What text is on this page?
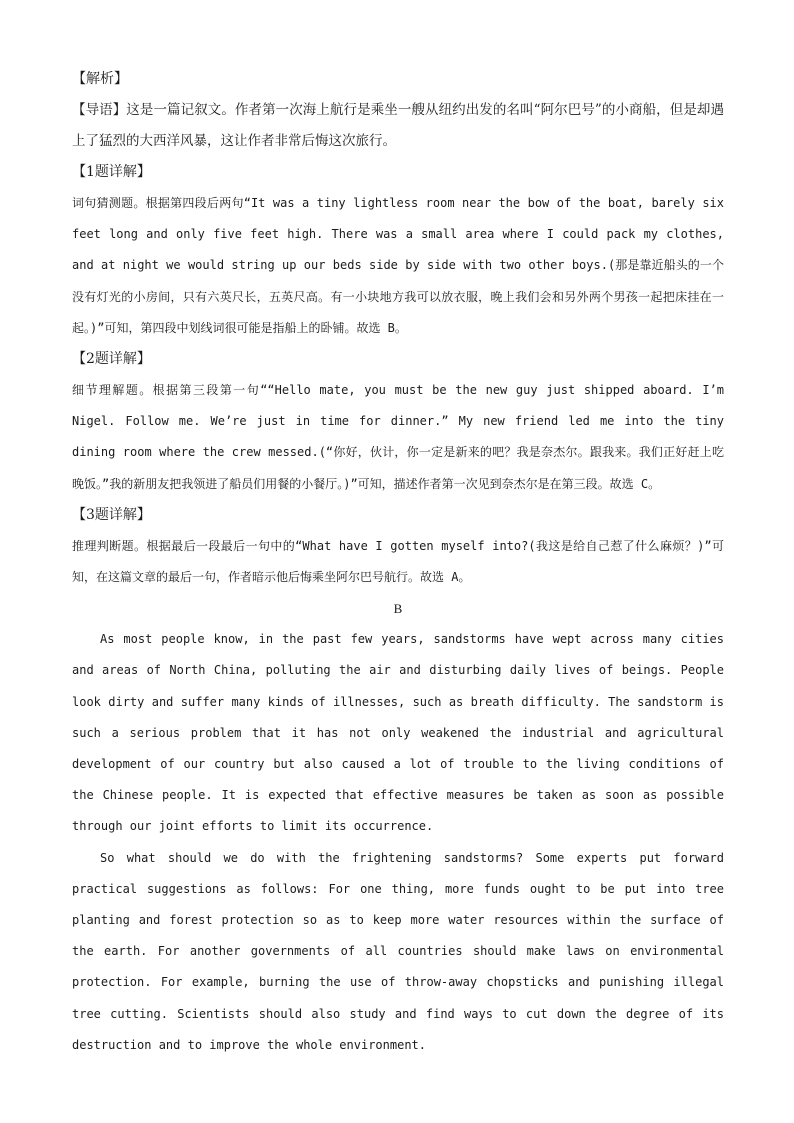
【解析】

【导语】这是一篇记叙文。作者第一次海上航行是乘坐一艘从纽约出发的名叫“阿尔巴号”的小商船，但是却遇上了猛烈的大西洋风暴，这让作者非常后悔这次旅行。

【1题详解】

词句猜测题。根据第四段后两句“It was a tiny lightless room near the bow of the boat, barely six feet long and only five feet high. There was a small area where I could pack my clothes, and at night we would string up our beds side by side with two other boys.(那是靠近船头的一个没有灯光的小房间，只有六英尺长，五英尺高。有一小块地方我可以放衣服，晚上我们会和另外两个男孩一起把床挂在一起。)”可知，第四段中划线词很可能是指船上的卧铺。故选 B。

【2题详解】

细节理解题。根据第三段第一句““Hello mate, you must be the new guy just shipped aboard. I’m Nigel. Follow me. We’re just in time for dinner.” My new friend led me into the tiny dining room where the crew messed.(“你好，伙计，你一定是新来的吧？我是奈杰尔。跟我来。我们正好赶上吃晚饭。”我的新朋友把我领进了船员们用餐的小餐厅。)”可知，描述作者第一次见到奈杰尔是在第三段。故选 C。

【3题详解】

推理判断题。根据最后一段最后一句中的“What have I gotten myself into?(我这是给自己惹了什么麻烦？)”可知，在这篇文章的最后一句，作者暗示他后悔乘坐阿尔巴号航行。故选 A。

B

As most people know, in the past few years, sandstorms have wept across many cities and areas of North China, polluting the air and disturbing daily lives of beings. People look dirty and suffer many kinds of illnesses, such as breath difficulty. The sandstorm is such a serious problem that it has not only weakened the industrial and agricultural development of our country but also caused a lot of trouble to the living conditions of the Chinese people. It is expected that effective measures be taken as soon as possible through our joint efforts to limit its occurrence.

So what should we do with the frightening sandstorms? Some experts put forward practical suggestions as follows: For one thing, more funds ought to be put into tree planting and forest protection so as to keep more water resources within the surface of the earth. For another governments of all countries should make laws on environmental protection. For example, burning the use of throw-away chopsticks and punishing illegal tree cutting. Scientists should also study and find ways to cut down the degree of its destruction and to improve the whole environment.
